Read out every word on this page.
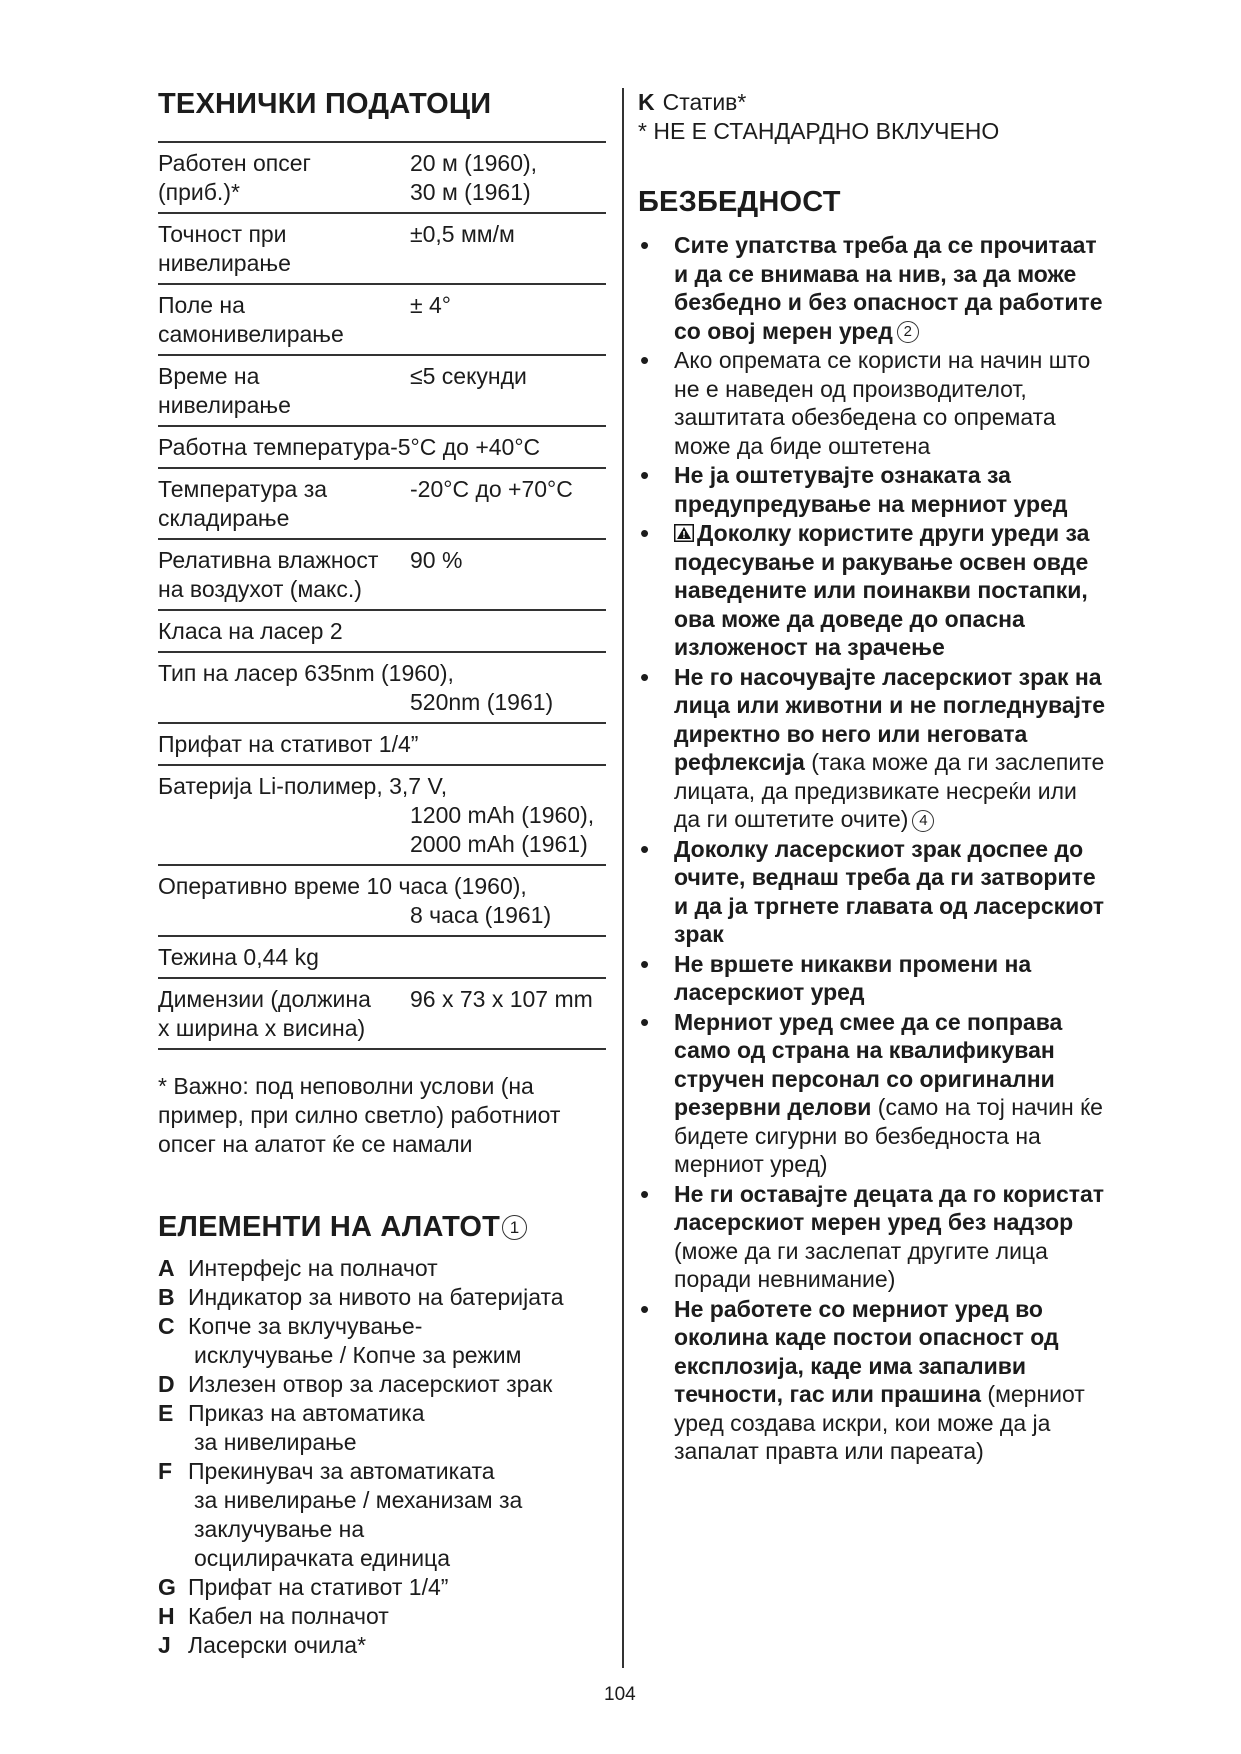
ТЕХНИЧКИ ПОДАТОЦИ
Работен опсег
(приб.)*
20 м (1960),
30 м (1961)
Точност при
нивелирање
±0,5 мм/м
Поле на
самонивелирање
± 4°
Време на
нивелирање
≤5 секунди
Работна температура-5°C до +40°C
Температура за
складирање
-20°C до +70°C
Релативна влажност
на воздухот (макс.)
90 %
Класа на ласер 2
Тип на ласер 635nm (1960),
520nm (1961)
Прифат на стативот 1/4”
Батерија Li-полимер, 3,7 V,
1200 mAh (1960),
2000 mAh (1961)
Оперативно време 10 часа (1960),
8 часа (1961)
Тежина 0,44 kg
Димензии (должина
x ширина x висина)
96 x 73 x 107 mm
* Важно: под неповолни услови (на пример, при силно светло) работниот опсег на алатот ќе се намали
ЕЛЕМЕНТИ НА АЛАТОТ 1
A Интерфејс на полначот
B Индикатор за нивото на батеријата
C Копче за вклучување-
исклучување / Копче за режим
D Излезен отвор за ласерскиот зрак
E Приказ на автоматика
за нивелирање
F Прекинувач за автоматиката

за нивелирање / механизам за заклучување на осцилирачката единица
G Прифат на стативот 1/4”
H Кабел на полначот
J Ласерски очила*
K Статив*
* НЕ Е СТАНДАРДНО ВКЛУЧЕНО
БЕЗБЕДНОСТ
• Сите упатства треба да се прочитаат и да се внимава на нив, за да може безбедно и без опасност да работите со овој мерен уред 2
• Ако опремата се користи на начин што не е наведен од производителот, заштитата обезбедена со опремата може да биде оштетена
• Не ја оштетувајте ознаката за предупредување на мерниот уред
• Доколку користите други уреди за подесување и ракување освен овде наведените или поинакви постапки, ова може да доведе до опасна изложеност на зрачење
• Не го насочувајте ласерскиот зрак на лица или животни и не погледнувајте директно во него или неговата рефлексија (така може да ги заслепите лицата, да предизвикате несреќи или да ги оштетите очите) 4
• Доколку ласерскиот зрак доспее до очите, веднаш треба да ги затворите и да ја тргнете главата од ласерскиот зрак
• Не вршете никакви промени на ласерскиот уред
• Мерниот уред смее да се поправа само од страна на квалификуван стручен персонал со оригинални резервни делови (само на тој начин ќе бидете сигурни во безбедноста на мерниот уред)
• Не ги оставајте децата да го користат ласерскиот мерен уред без надзор (може да ги заслепат другите лица поради невнимание)
• Не работете со мерниот уред во околина каде постои опасност од експлозија, каде има запаливи течности, гас или прашина (мерниот уред создава искри, кои може да ја запалат правта или пареата)
104
